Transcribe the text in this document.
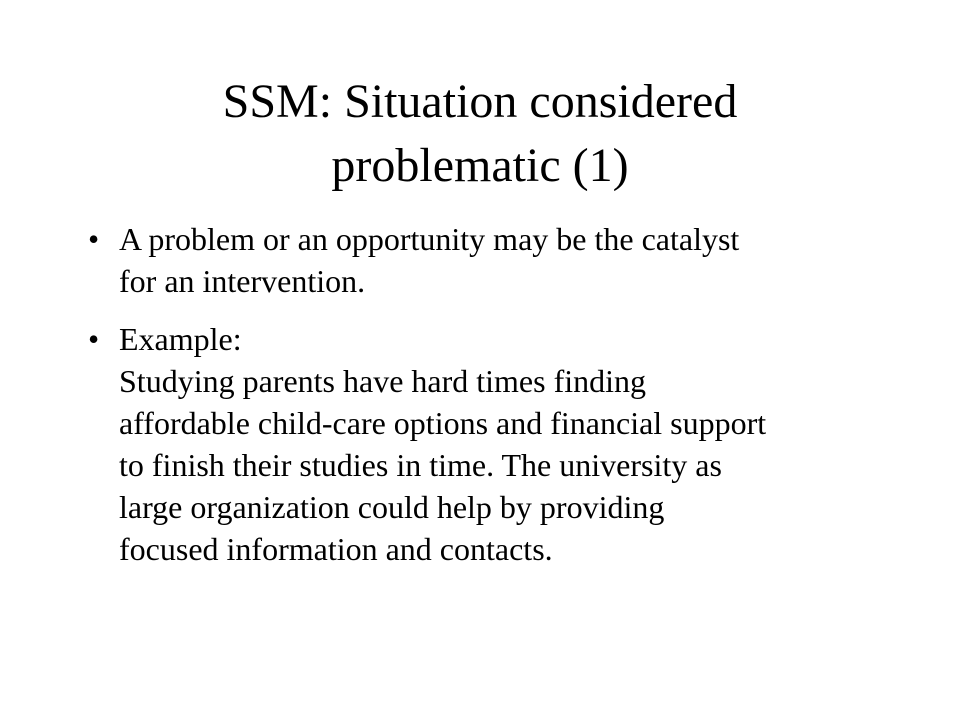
SSM: Situation considered
problematic (1)
• A problem or an opportunity may be the catalyst
for an intervention.
• Example:
Studying parents have hard times finding
affordable child-care options and financial support
to finish their studies in time. The university as
large organization could help by providing
focused information and contacts.
